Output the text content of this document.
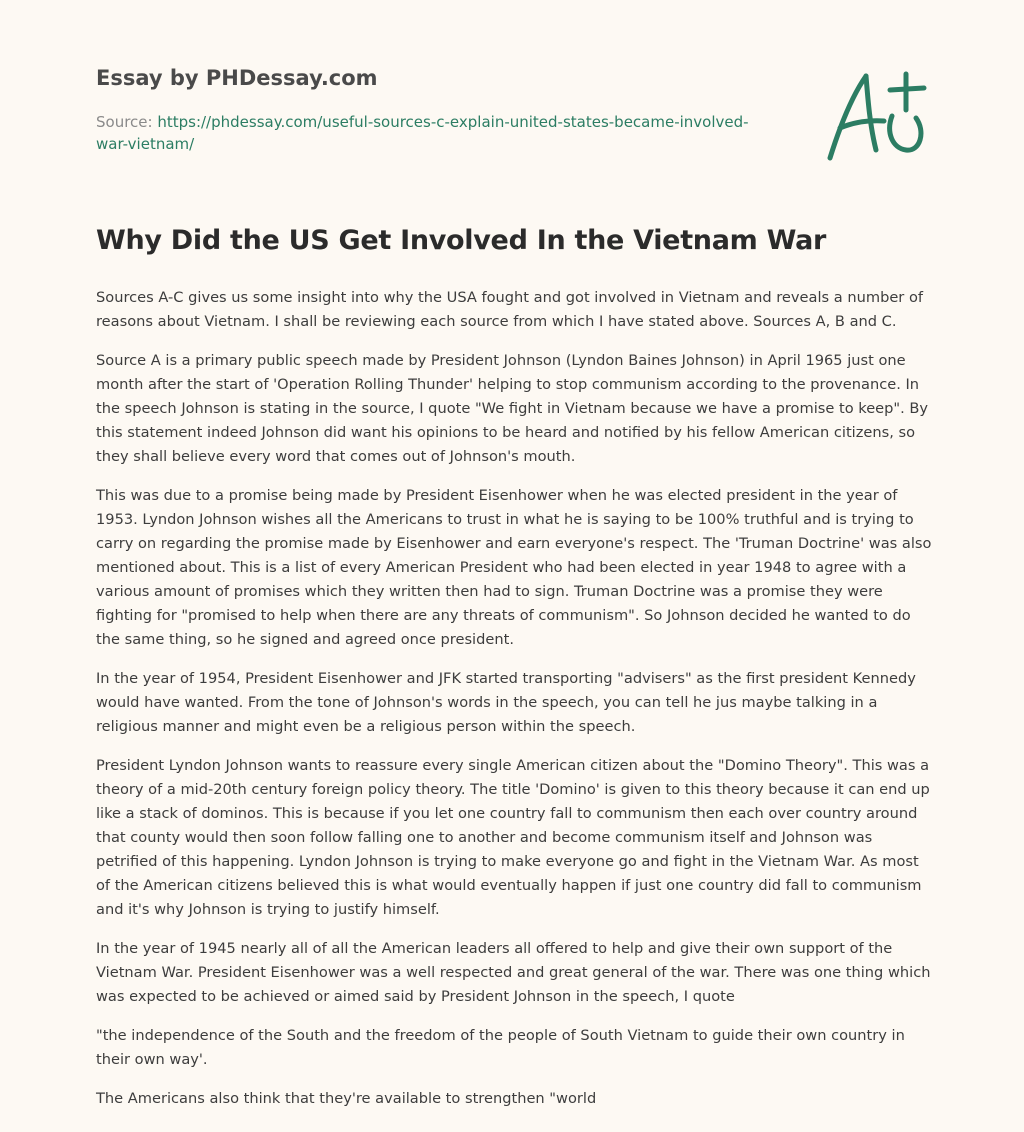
Essay by PHDessay.com
Source: https://phdessay.com/useful-sources-c-explain-united-states-became-involved-war-vietnam/
Why Did the US Get Involved In the Vietnam War

Sources A-C gives us some insight into why the USA fought and got involved in Vietnam and reveals a number of reasons about Vietnam. I shall be reviewing each source from which I have stated above. Sources A, B and C.

Source A is a primary public speech made by President Johnson (Lyndon Baines Johnson) in April 1965 just one month after the start of 'Operation Rolling Thunder' helping to stop communism according to the provenance. In the speech Johnson is stating in the source, I quote "We fight in Vietnam because we have a promise to keep". By this statement indeed Johnson did want his opinions to be heard and notified by his fellow American citizens, so they shall believe every word that comes out of Johnson's mouth.

This was due to a promise being made by President Eisenhower when he was elected president in the year of 1953. Lyndon Johnson wishes all the Americans to trust in what he is saying to be 100% truthful and is trying to carry on regarding the promise made by Eisenhower and earn everyone's respect. The 'Truman Doctrine' was also mentioned about. This is a list of every American President who had been elected in year 1948 to agree with a various amount of promises which they written then had to sign. Truman Doctrine was a promise they were fighting for "promised to help when there are any threats of communism". So Johnson decided he wanted to do the same thing, so he signed and agreed once president.

In the year of 1954, President Eisenhower and JFK started transporting "advisers" as the first president Kennedy would have wanted. From the tone of Johnson's words in the speech, you can tell he jus maybe talking in a religious manner and might even be a religious person within the speech.

President Lyndon Johnson wants to reassure every single American citizen about the "Domino Theory". This was a theory of a mid-20th century foreign policy theory. The title 'Domino' is given to this theory because it can end up like a stack of dominos. This is because if you let one country fall to communism then each over country around that county would then soon follow falling one to another and become communism itself and Johnson was petrified of this happening. Lyndon Johnson is trying to make everyone go and fight in the Vietnam War. As most of the American citizens believed this is what would eventually happen if just one country did fall to communism and it's why Johnson is trying to justify himself.

In the year of 1945 nearly all of all the American leaders all offered to help and give their own support of the Vietnam War. President Eisenhower was a well respected and great general of the war. There was one thing which was expected to be achieved or aimed said by President Johnson in the speech, I quote

"the independence of the South and the freedom of the people of South Vietnam to guide their own country in their own way'.

The Americans also think that they're available to strengthen "world
